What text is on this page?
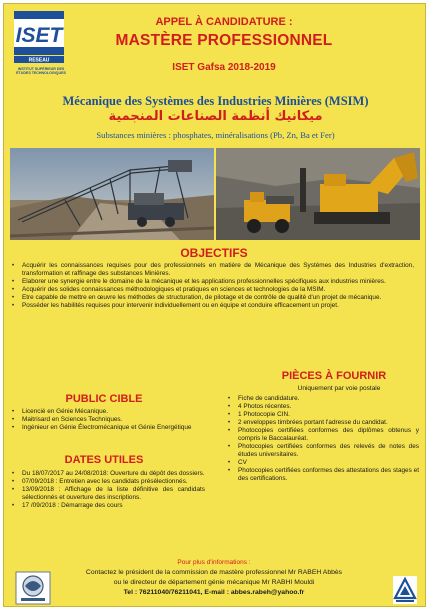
ISET
RESEAU
INSTITUT SUPÉRIEUR DES ÉTUDES TECHNOLOGIQUES
APPEL À CANDIDATURE :
MASTÈRE PROFESSIONNEL
ISET Gafsa 2018-2019
Mécanique des Systèmes des Industries Minières (MSIM)
ميكانيك أنظمة الصناعات المنجمية
Substances minières : phosphates, minéralisations (Pb, Zn, Ba et Fer)
OBJECTIFS
• Acquérir les connaissances requises pour des professionnels en matière de Mécanique des Systèmes des Industries d'extraction, transformation et raffinage des substances Minières.
• Elaborer une synergie entre le domaine de la mécanique et les applications professionnelles spécifiques aux industries minières.
• Acquérir des solides connaissances méthodologiques et pratiques en sciences et technologies de la MSIM.
• Etre capable de mettre en œuvre les méthodes de structuration, de pilotage et de contrôle de qualité d'un projet de mécanique.
• Posséder les habilités requises pour intervenir individuellement ou en équipe et conduire efficacement un projet.
PUBLIC CIBLE
• Licencié en Génie Mécanique.
• Maitrisard en Sciences Techniques.
• Ingénieur en Génie Électromécanique et Génie Energétique
DATES UTILES
• Du 18/07/2017 au 24/08/2018: Ouverture du dépôt des dossiers.
• 07/09/2018 : Entretien avec les candidats présélectionnés.
• 13/09/2018 : Affichage de la liste définitive des candidats sélectionnés et ouverture des inscriptions.
• 17 /09/2018 : Démarrage des cours
PIÈCES À FOURNIR
Uniquement par voie postale
• Fiche de candidature.
• 4 Photos récentes.
• 1 Photocopie CIN.
• 2 enveloppes timbrées portant l'adresse du candidat.
• Photocopies certifiées conformes des diplômes obtenus y compris le Baccalauréat.
• Photocopies certifiées conformes des relevés de notes des études universitaires.
• CV
• Photocopies certifiées conformes des attestations des stages et des certifications.
Pour plus d'informations :
Contactez le président de la commission de mastère professionnel Mr RABEH Abbès
ou le directeur de département génie mécanique Mr RABHI Mouldi
Tel : 76211040/76211041, E-mail : abbes.rabeh@yahoo.fr
